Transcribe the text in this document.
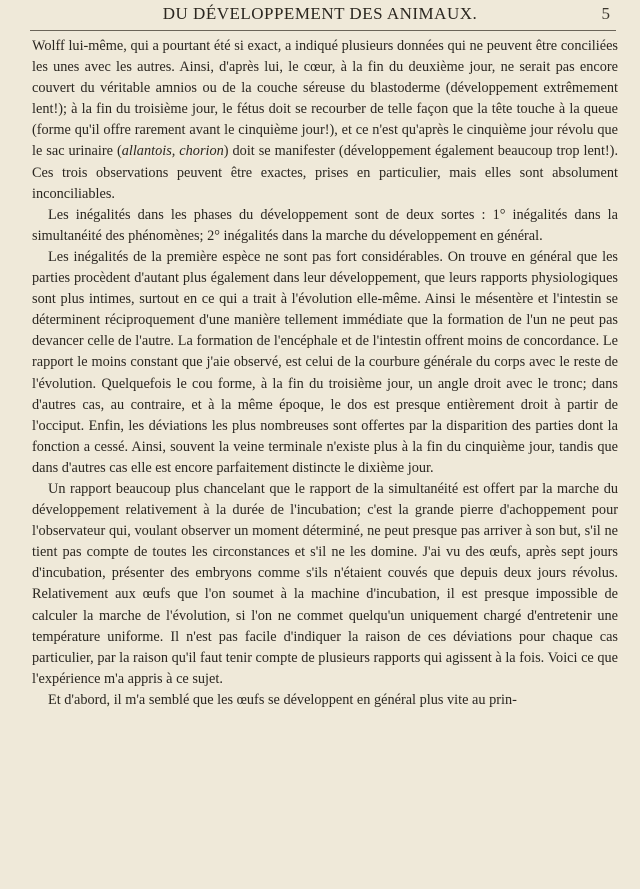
DU DÉVELOPPEMENT DES ANIMAUX.	5

Wolff lui-même, qui a pourtant été si exact, a indiqué plusieurs données qui ne peuvent être conciliées les unes avec les autres. Ainsi, d'après lui, le cœur, à la fin du deuxième jour, ne serait pas encore couvert du véritable amnios ou de la couche séreuse du blastoderme (développement extrêmement lent!); à la fin du troisième jour, le fétus doit se recourber de telle façon que la tête touche à la queue (forme qu'il offre rarement avant le cinquième jour!), et ce n'est qu'après le cinquième jour révolu que le sac urinaire (allantois, chorion) doit se manifester (développement également beaucoup trop lent!). Ces trois observations peuvent être exactes, prises en particulier, mais elles sont absolument inconciliables.

Les inégalités dans les phases du développement sont de deux sortes : 1° inégalités dans la simultanéité des phénomènes; 2° inégalités dans la marche du développement en général.

Les inégalités de la première espèce ne sont pas fort considérables. On trouve en général que les parties procèdent d'autant plus également dans leur développement, que leurs rapports physiologiques sont plus intimes, surtout en ce qui a trait à l'évolution elle-même. Ainsi le mésentère et l'intestin se déterminent réciproquement d'une manière tellement immédiate que la formation de l'un ne peut pas devancer celle de l'autre. La formation de l'encéphale et de l'intestin offrent moins de concordance. Le rapport le moins constant que j'aie observé, est celui de la courbure générale du corps avec le reste de l'évolution. Quelquefois le cou forme, à la fin du troisième jour, un angle droit avec le tronc; dans d'autres cas, au contraire, et à la même époque, le dos est presque entièrement droit à partir de l'occiput. Enfin, les déviations les plus nombreuses sont offertes par la disparition des parties dont la fonction a cessé. Ainsi, souvent la veine terminale n'existe plus à la fin du cinquième jour, tandis que dans d'autres cas elle est encore parfaitement distincte le dixième jour.

Un rapport beaucoup plus chancelant que le rapport de la simultanéité est offert par la marche du développement relativement à la durée de l'incubation; c'est la grande pierre d'achoppement pour l'observateur qui, voulant observer un moment déterminé, ne peut presque pas arriver à son but, s'il ne tient pas compte de toutes les circonstances et s'il ne les domine. J'ai vu des œufs, après sept jours d'incubation, présenter des embryons comme s'ils n'étaient couvés que depuis deux jours révolus. Relativement aux œufs que l'on soumet à la machine d'incubation, il est presque impossible de calculer la marche de l'évolution, si l'on ne commet quelqu'un uniquement chargé d'entretenir une température uniforme. Il n'est pas facile d'indiquer la raison de ces déviations pour chaque cas particulier, par la raison qu'il faut tenir compte de plusieurs rapports qui agissent à la fois. Voici ce que l'expérience m'a appris à ce sujet.

Et d'abord, il m'a semblé que les œufs se développent en général plus vite au prin-
